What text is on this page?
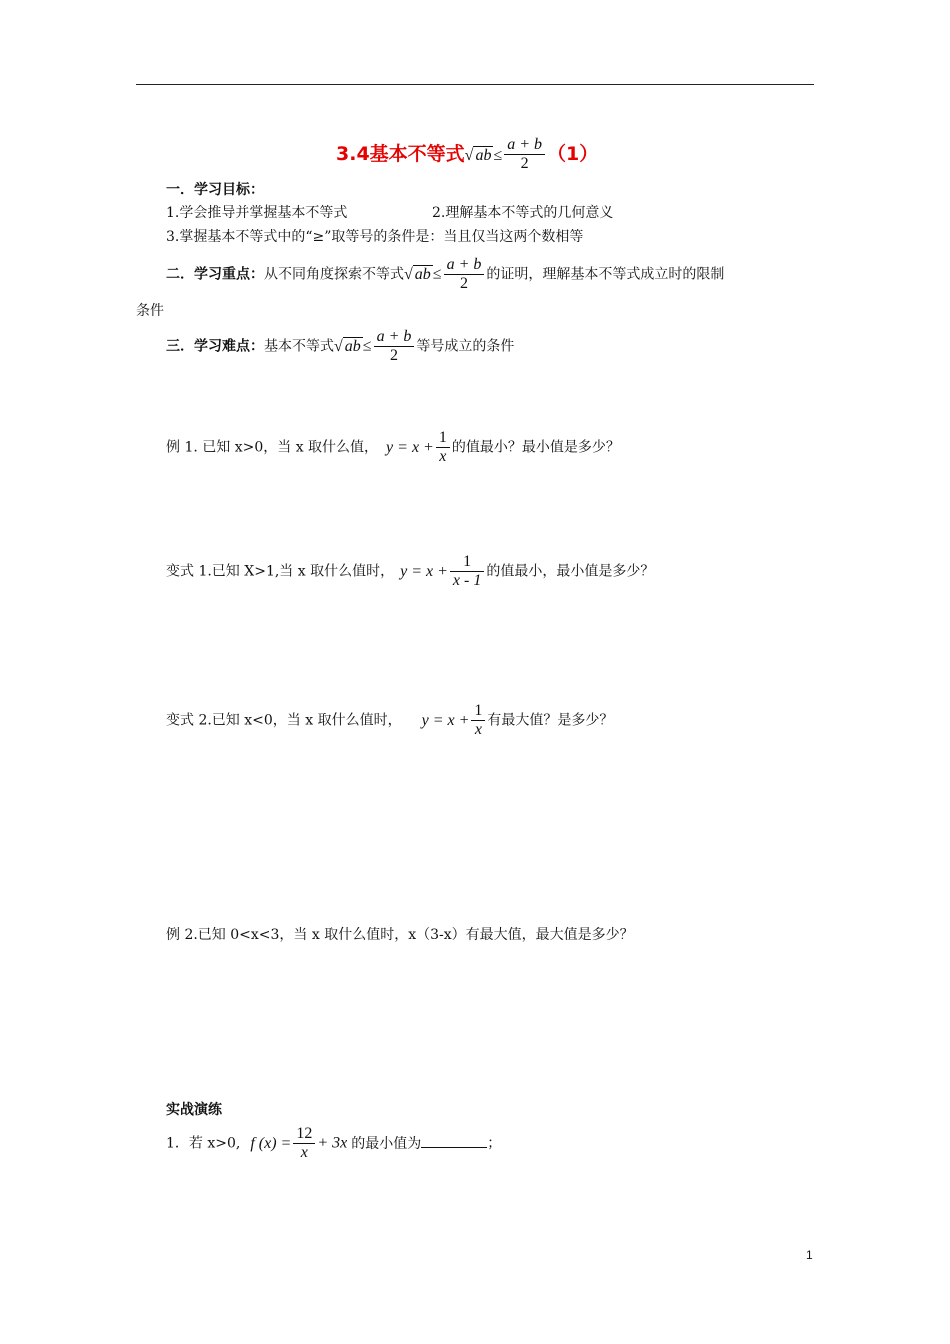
3.4基本不等式√ ab ≤ $\frac{a + b}{2} (1)$
一．学习目标：
1.学会推导并掌握基本不等式	2.理解基本不等式的几何意义
3.掌握基本不等式中的“≥”取等号的条件是：当且仅当这两个数相等
二．学习重点：从不同角度探索不等式√ ab ≤ $\frac{a + b}{2}$ 的证明，理解基本不等式成立时的限制
条件
三．学习难点：基本不等式√ ab ≤ $\frac{a + b}{2}$ 等号成立的条件
例 1. 已知 x>0，当 x 取什么值， $y = x + \frac{1}{x}$ 的值最小？最小值是多少？
变式 1.已知 X>1,当 x 取什么值时， $y = x + \frac{1}{x - 1}$ 的值最小，最小值是多少？
变式 2.已知 x<0，当 x 取什么值时， $y = x + \frac{1}{x}$ 有最大值？是多少？
例 2.已知 0<x<3，当 x 取什么值时，x（3-x）有最大值，最大值是多少？
实战演练
1．若 x>0, f $(x) = \frac{12}{x} + 3x$ 的最小值为	；
1
